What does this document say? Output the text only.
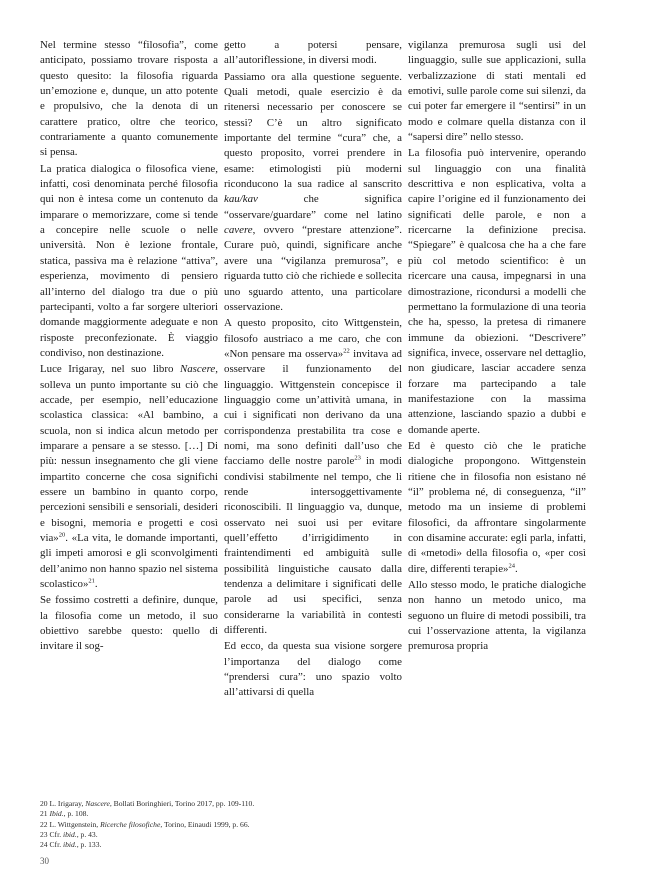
Nel termine stesso “filosofia”, come anticipato, possiamo trovare risposta a questo quesito: la filosofia riguarda un’emozione e, dunque, un atto potente e propulsivo, che la denota di un carattere pratico, oltre che teorico, contrariamente a quanto comunemente si pensa.

La pratica dialogica o filosofica viene, infatti, così denominata perché filosofia qui non è intesa come un contenuto da imparare o memorizzare, come si tende a concepire nelle scuole o nelle università. Non è lezione frontale, statica, passiva ma è relazione “attiva”, esperienza, movimento di pensiero all’interno del dialogo tra due o più partecipanti, volto a far sorgere ulteriori domande maggiormente adeguate e non risposte preconfezionate. È viaggio condiviso, non destinazione.

Luce Irigaray, nel suo libro Nascere, solleva un punto importante su ciò che accade, per esempio, nell’educazione scolastica classica: «Al bambino, a scuola, non si indica alcun metodo per imparare a pensare a se stesso. […] Di più: nessun insegnamento che gli viene impartito concerne che cosa significhi essere un bambino in quanto corpo, percezioni sensibili e sensoriali, desideri e bisogni, memoria e progetti e così via»$^{20}$. «La vita, le domande importanti, gli impeti amorosi e gli sconvolgimenti dell’animo non hanno spazio nel sistema scolastico»$^{21}$.

Se fossimo costretti a definire, dunque, la filosofia come un metodo, il suo obiettivo sarebbe questo: quello di invitare il sog-

getto a potersi pensare, all’autoriflessione, in diversi modi.

Passiamo ora alla questione seguente. Quali metodi, quale esercizio è da ritenersi necessario per conoscere se stessi? C’è un altro significato importante del termine “cura” che, a questo proposito, vorrei prendere in esame: etimologisti più moderni riconducono la sua radice al sanscrito kau/kav che significa “osservare/guardare” come nel latino cavere, ovvero “prestare attenzione”. Curare può, quindi, significare anche avere una “vigilanza premurosa”, e riguarda tutto ciò che richiede e sollecita uno sguardo attento, una particolare osservazione.

A questo proposito, cito Wittgenstein, filosofo austriaco a me caro, che con «Non pensare ma osserva»$^{22}$ invitava ad osservare il funzionamento del linguaggio. Wittgenstein concepisce il linguaggio come un’attività umana, in cui i significati non derivano da una corrispondenza prestabilita tra cose e nomi, ma sono definiti dall’uso che facciamo delle nostre parole$^{23}$ in modi condivisi stabilmente nel tempo, che li rende intersoggettivamente riconoscibili. Il linguaggio va, dunque, osservato nei suoi usi per evitare quell’effetto d’irrigidimento in fraintendimenti ed ambiguità sulle possibilità linguistiche causato dalla tendenza a delimitare i significati delle parole ad usi specifici, senza considerarne la variabilità in contesti differenti.

Ed ecco, da questa sua visione sorgere l’importanza del dialogo come “prendersi cura”: uno spazio volto all’attivarsi di quella

vigilanza premurosa sugli usi del linguaggio, sulle sue applicazioni, sulla verbalizzazione di stati mentali ed emotivi, sulle parole come sui silenzi, da cui poter far emergere il “sentirsi” in un modo e colmare quella distanza con il “sapersi dire” nello stesso.

La filosofia può intervenire, operando sul linguaggio con una finalità descrittiva e non esplicativa, volta a capire l’origine ed il funzionamento dei significati delle parole, e non a ricercarne la definizione precisa. “Spiegare” è qualcosa che ha a che fare più col metodo scientifico: è un ricercare una causa, impegnarsi in una dimostrazione, ricondursi a modelli che permettano la formulazione di una teoria che ha, spesso, la pretesa di rimanere immune da obiezioni. “Descrivere” significa, invece, osservare nel dettaglio, non giudicare, lasciar accadere senza forzare ma partecipando a tale manifestazione con la massima attenzione, lasciando spazio a dubbi e domande aperte.

Ed è questo ciò che le pratiche dialogiche propongono. Wittgenstein ritiene che in filosofia non esistano né “il” problema né, di conseguenza, “il” metodo ma un insieme di problemi filosofici, da affrontare singolarmente con disamine accurate: egli parla, infatti, di «metodi» della filosofia o, «per così dire, differenti terapie»$^{24}$.

Allo stesso modo, le pratiche dialogiche non hanno un metodo unico, ma seguono un fluire di metodi possibili, tra cui l’osservazione attenta, la vigilanza premurosa propria

20 L. Irigaray, Nascere, Bollati Boringhieri, Torino 2017, pp. 109-110.
21 Ibid., p. 108.
22 L. Wittgenstein, Ricerche filosofiche, Torino, Einaudi 1999, p. 66.
23 Cfr. ibid., p. 43.
24 Cfr. ibid., p. 133.
30
